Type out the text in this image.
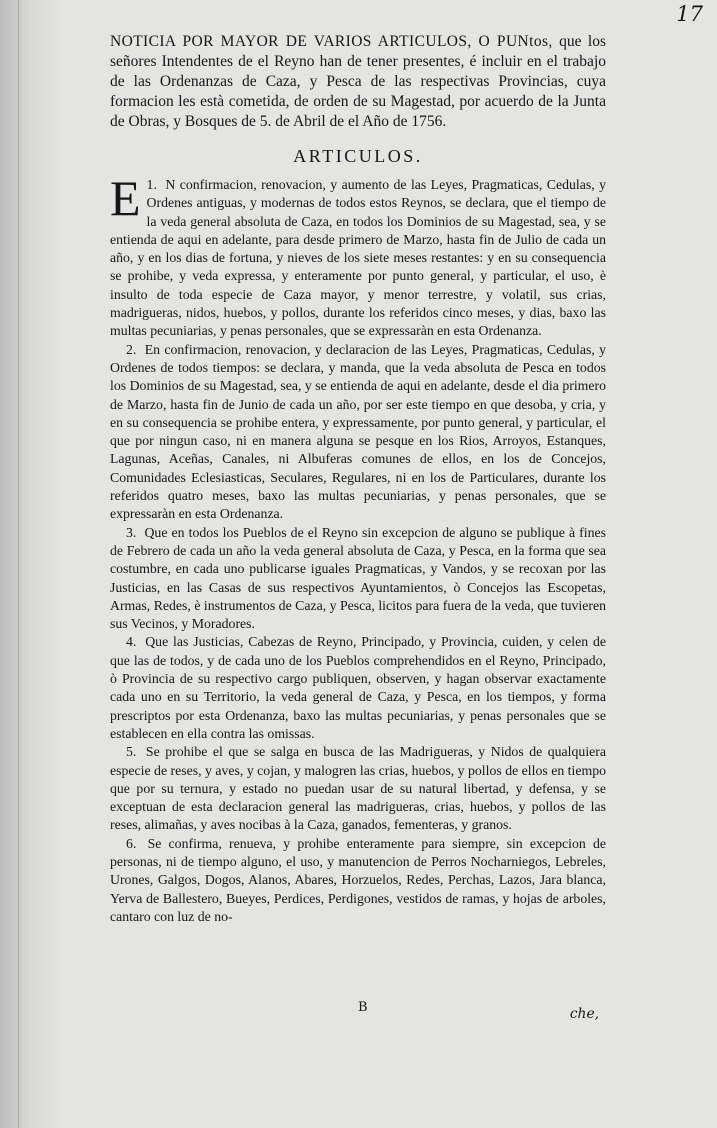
17

NOTICIA POR MAYOR DE VARIOS ARTICULOS, O PUNtos, que los señores Intendentes de el Reyno han de tener presentes, é incluir en el trabajo de las Ordenanzas de Caza, y Pesca de las respectivas Provincias, cuya formacion les està cometida, de orden de su Magestad, por acuerdo de la Junta de Obras, y Bosques de 5. de Abril de el Año de 1756.

ARTICULOS.

1.
E N confirmacion, renovacion, y aumento de las Leyes, Pragmaticas, Cedulas, y Ordenes antiguas, y modernas de todos estos Reynos, se declara, que el tiempo de la veda general absoluta de Caza, en todos los Dominios de su Magestad, sea, y se entienda de aqui en adelante, para desde primero de Marzo, hasta fin de Julio de cada un año, y en los dias de fortuna, y nieves de los siete meses restantes: y en su consequencia se prohibe, y veda expressa, y enteramente por punto general, y particular, el uso, è insulto de toda especie de Caza mayor, y menor terrestre, y volatil, sus crias, madrigueras, nidos, huebos, y pollos, durante los referidos cinco meses, y dias, baxo las multas pecuniarias, y penas personales, que se expressaràn en esta Ordenanza.

2. En confirmacion, renovacion, y declaracion de las Leyes, Pragmaticas, Cedulas, y Ordenes de todos tiempos: se declara, y manda, que la veda absoluta de Pesca en todos los Dominios de su Magestad, sea, y se entienda de aqui en adelante, desde el dia primero de Marzo, hasta fin de Junio de cada un año, por ser este tiempo en que desoba, y cria, y en su consequencia se prohibe entera, y expressamente, por punto general, y particular, el que por ningun caso, ni en manera alguna se pesque en los Rios, Arroyos, Estanques, Lagunas, Aceñas, Canales, ni Albuferas comunes de ellos, en los de Concejos, Comunidades Eclesiasticas, Seculares, Regulares, ni en los de Particulares, durante los referidos quatro meses, baxo las multas pecuniarias, y penas personales, que se expressaràn en esta Ordenanza.

3. Que en todos los Pueblos de el Reyno sin excepcion de alguno se publique à fines de Febrero de cada un año la veda general absoluta de Caza, y Pesca, en la forma que sea costumbre, en cada uno publicarse iguales Pragmaticas, y Vandos, y se recoxan por las Justicias, en las Casas de sus respectivos Ayuntamientos, ò Concejos las Escopetas, Armas, Redes, è instrumentos de Caza, y Pesca, licitos para fuera de la veda, que tuvieren sus Vecinos, y Moradores.

4. Que las Justicias, Cabezas de Reyno, Principado, y Provincia, cuiden, y celen de que las de todos, y de cada uno de los Pueblos comprehendidos en el Reyno, Principado, ò Provincia de su respectivo cargo publiquen, observen, y hagan observar exactamente cada uno en su Territorio, la veda general de Caza, y Pesca, en los tiempos, y forma prescriptos por esta Ordenanza, baxo las multas pecuniarias, y penas personales que se establecen en ella contra las omissas.

5. Se prohibe el que se salga en busca de las Madrigueras, y Nidos de qualquiera especie de reses, y aves, y cojan, y malogren las crias, huebos, y pollos de ellos en tiempo que por su ternura, y estado no puedan usar de su natural libertad, y defensa, y se exceptuan de esta declaracion general las madrigueras, crias, huebos, y pollos de las reses, alimañas, y aves nocibas à la Caza, ganados, fementeras, y granos.

6. Se confirma, renueva, y prohibe enteramente para siempre, sin excepcion de personas, ni de tiempo alguno, el uso, y manutencion de Perros Nocharniegos, Lebreles, Urones, Galgos, Dogos, Alanos, Abares, Horzuelos, Redes, Perchas, Lazos, Jara blanca, Yerva de Ballestero, Bueyes, Perdices, Perdigones, vestidos de ramas, y hojas de arboles, cantaro con luz de no-

B	che,
